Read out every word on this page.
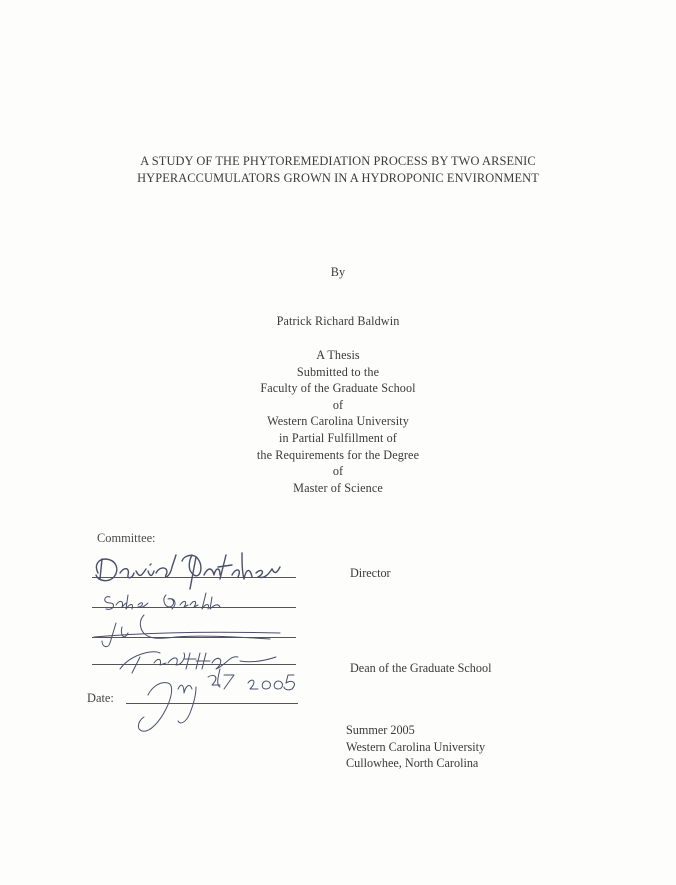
A STUDY OF THE PHYTOREMEDIATION PROCESS BY TWO ARSENIC
HYPERACCUMULATORS GROWN IN A HYDROPONIC ENVIRONMENT
By
Patrick Richard Baldwin
A Thesis
Submitted to the
Faculty of the Graduate School
of
Western Carolina University
in Partial Fulfillment of
the Requirements for the Degree
of
Master of Science
Committee:
Director
Dean of the Graduate School
Date:
Summer 2005
Western Carolina University
Cullowhee, North Carolina
